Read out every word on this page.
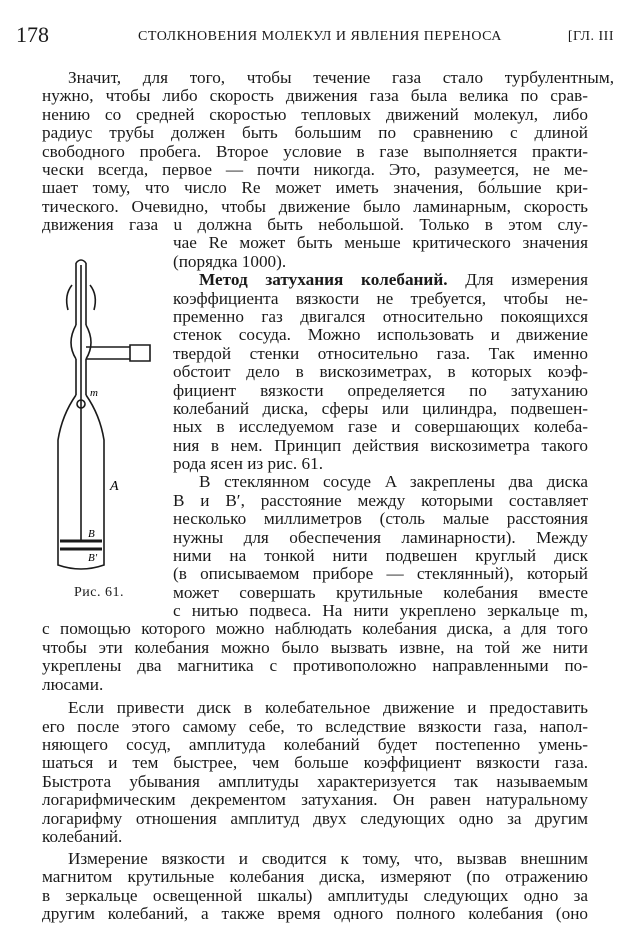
178	СТОЛКНОВЕНИЯ МОЛЕКУЛ И ЯВЛЕНИЯ ПЕРЕНОСА	[ГЛ. III
Значит, для того, чтобы течение газа стало турбулентным,
нужно, чтобы либо скорость движения газа была велика по срав-
нению со средней скоростью тепловых движений молекул, либо
радиус трубы должен быть большим по сравнению с длиной
свободного пробега. Второе условие в газе выполняется практи-
чески всегда, первое — почти никогда. Это, разумеется, не ме-
шает тому, что число Re может иметь значения, бо́льшие кри-
тического. Очевидно, чтобы движение было ламинарным, скорость
движения газа u должна быть небольшой. Только в этом слу-
чае Re может быть меньше критического значения
(порядка 1000).
Метод затухания колебаний. Для измерения
коэффициента вязкости не требуется, чтобы не-
пременно газ двигался относительно покоящихся
стенок сосуда. Можно использовать и движение
твердой стенки относительно газа. Так именно
обстоит дело в вискозиметрах, в которых коэф-
фициент вязкости определяется по затуханию
колебаний диска, сферы или цилиндра, подвешен-
ных в исследуемом газе и совершающих колеба-
ния в нем. Принцип действия вискозиметра такого
рода ясен из рис. 61.
В стеклянном сосуде A закреплены два диска
B и B′, расстояние между которыми составляет
несколько миллиметров (столь малые расстояния
нужны для обеспечения ламинарности). Между
ними на тонкой нити подвешен круглый диск
(в описываемом приборе — стеклянный), который
может совершать крутильные колебания вместе
с нитью подвеса. На нити укреплено зеркальце m,
с помощью которого можно наблюдать колебания диска, а для того
чтобы эти колебания можно было вызвать извне, на той же нити
укреплены два магнитика с противоположно направленными по-
люсами.
Если привести диск в колебательное движение и предоставить
его после этого самому себе, то вследствие вязкости газа, напол-
няющего сосуд, амплитуда колебаний будет постепенно умень-
шаться и тем быстрее, чем больше коэффициент вязкости газа.
Быстрота убывания амплитуды характеризуется так называемым
логарифмическим декрементом затухания. Он равен натуральному
логарифму отношения амплитуд двух следующих одно за другим
колебаний.
Измерение вязкости и сводится к тому, что, вызвав внешним
магнитом крутильные колебания диска, измеряют (по отражению
в зеркальце освещенной шкалы) амплитуды следующих одно за
другим колебаний, а также время одного полного колебания (оно
m
A
B
B'
Рис. 61.
